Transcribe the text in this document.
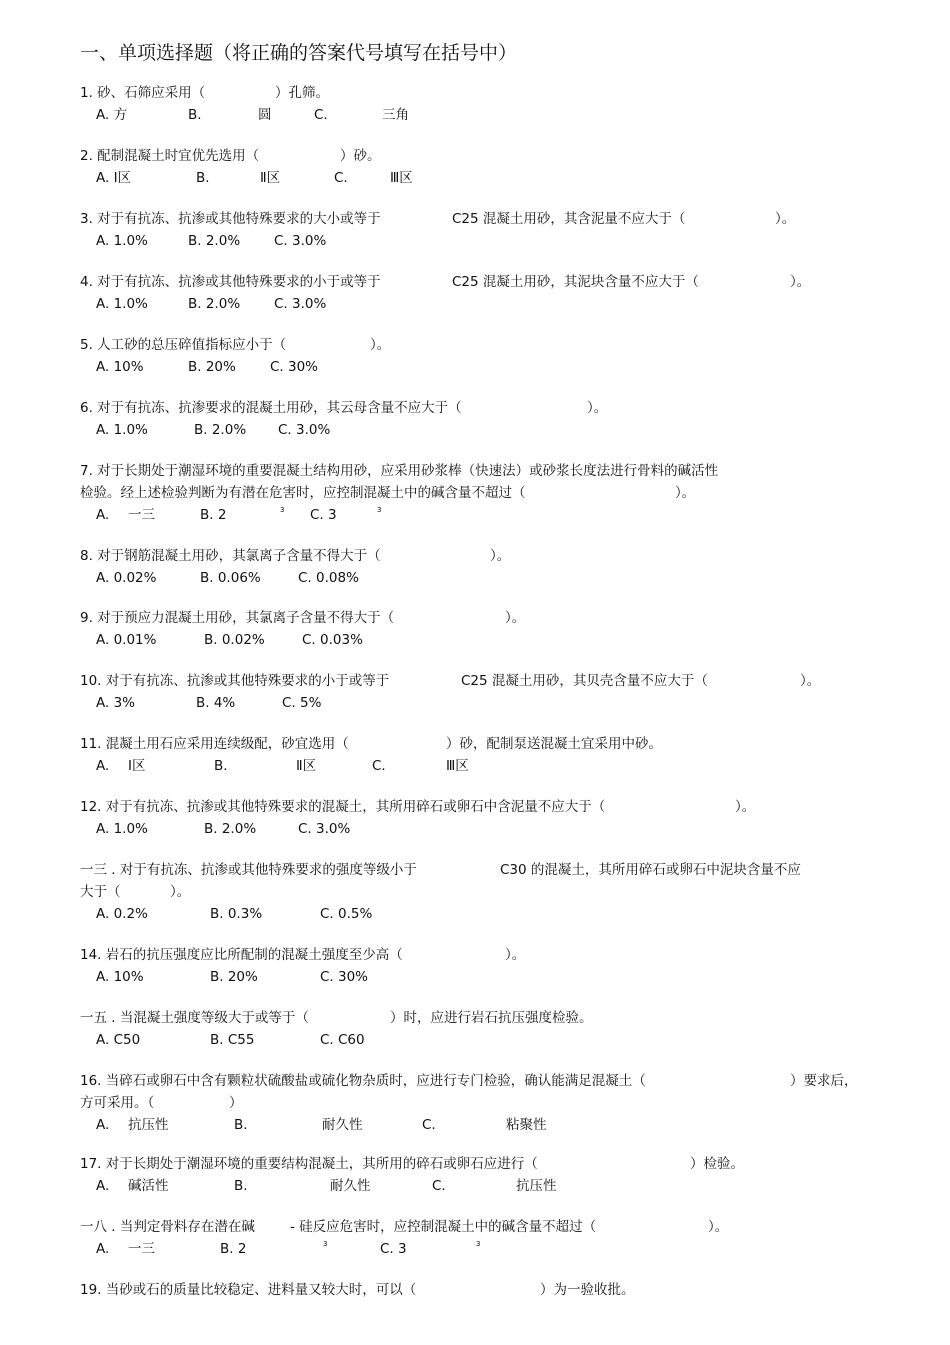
一、单项选择题（将正确的答案代号填写在括号中）
1. 砂、石筛应采用（	）孔筛。
A. 方	B.	圆	C.	三角
2. 配制混凝土时宜优先选用（	）砂。
A. Ⅰ区	B.	Ⅱ区	C.	Ⅲ区
3. 对于有抗冻、抗渗或其他特殊要求的大小或等于	C25 混凝土用砂，其含泥量不应大于（	）。
A. 1.0%	B. 2.0%	C. 3.0%
4. 对于有抗冻、抗渗或其他特殊要求的小于或等于	C25 混凝土用砂，其泥块含量不应大于（	）。
A. 1.0%	B. 2.0%	C. 3.0%
5. 人工砂的总压碎值指标应小于（	）。
A. 10%	B. 20%	C. 30%
6. 对于有抗冻、抗渗要求的混凝土用砂，其云母含量不应大于（	）。
A. 1.0%	B. 2.0% C. 3.0%
7. 对于长期处于潮湿环境的重要混凝土结构用砂，应采用砂浆棒（快速法）或砂浆长度法进行骨料的碱活性
检验。经上述检验判断为有潜在危害时，应控制混凝土中的碱含量不超过（	）。
A. 一三	B. 2	C. 3
3	3
8. 对于钢筋混凝土用砂，其氯离子含量不得大于（	）。
A. 0.02%	B. 0.06%	C. 0.08%
9. 对于预应力混凝土用砂，其氯离子含量不得大于（	）。
A. 0.01%	B. 0.02%	C. 0.03%
10. 对于有抗冻、抗渗或其他特殊要求的小于或等于	C25 混凝土用砂，其贝壳含量不应大于（	）。
A. 3%	B. 4%	C. 5%
11. 混凝土用石应采用连续级配，砂宜选用（	）砂，配制泵送混凝土宜采用中砂。
A. Ⅰ区	B.	Ⅱ区	C.	Ⅲ区
12. 对于有抗冻、抗渗或其他特殊要求的混凝土，其所用碎石或卵石中含泥量不应大于（	）。
A. 1.0%	B. 2.0%	C. 3.0%
一三 . 对于有抗冻、抗渗或其他特殊要求的强度等级小于	C30 的混凝土，其所用碎石或卵石中泥块含量不应
大于（	）。
A. 0.2%	B. 0.3%	C. 0.5%
14. 岩石的抗压强度应比所配制的混凝土强度至少高（	）。
A. 10%	B. 20%	C. 30%
一五 . 当混凝土强度等级大于或等于（	）时，应进行岩石抗压强度检验。
A. C50	B. C55	C. C60
16. 当碎石或卵石中含有颗粒状硫酸盐或硫化物杂质时，应进行专门检验，确认能满足混凝土（	）要求后，
方可采用。（	）
A. 抗压性	B.	耐久性	C.	粘聚性
17. 对于长期处于潮湿环境的重要结构混凝土，其所用的碎石或卵石应进行（	）检验。
A. 碱活性	B.	耐久性	C.	抗压性
一八 . 当判定骨料存在潜在碱	- 硅反应危害时，应控制混凝土中的碱含量不超过（	）。
A. 一三	B. 2	C. 3
3	3
19. 当砂或石的质量比较稳定、进料量又较大时，可以（	）为一验收批。
